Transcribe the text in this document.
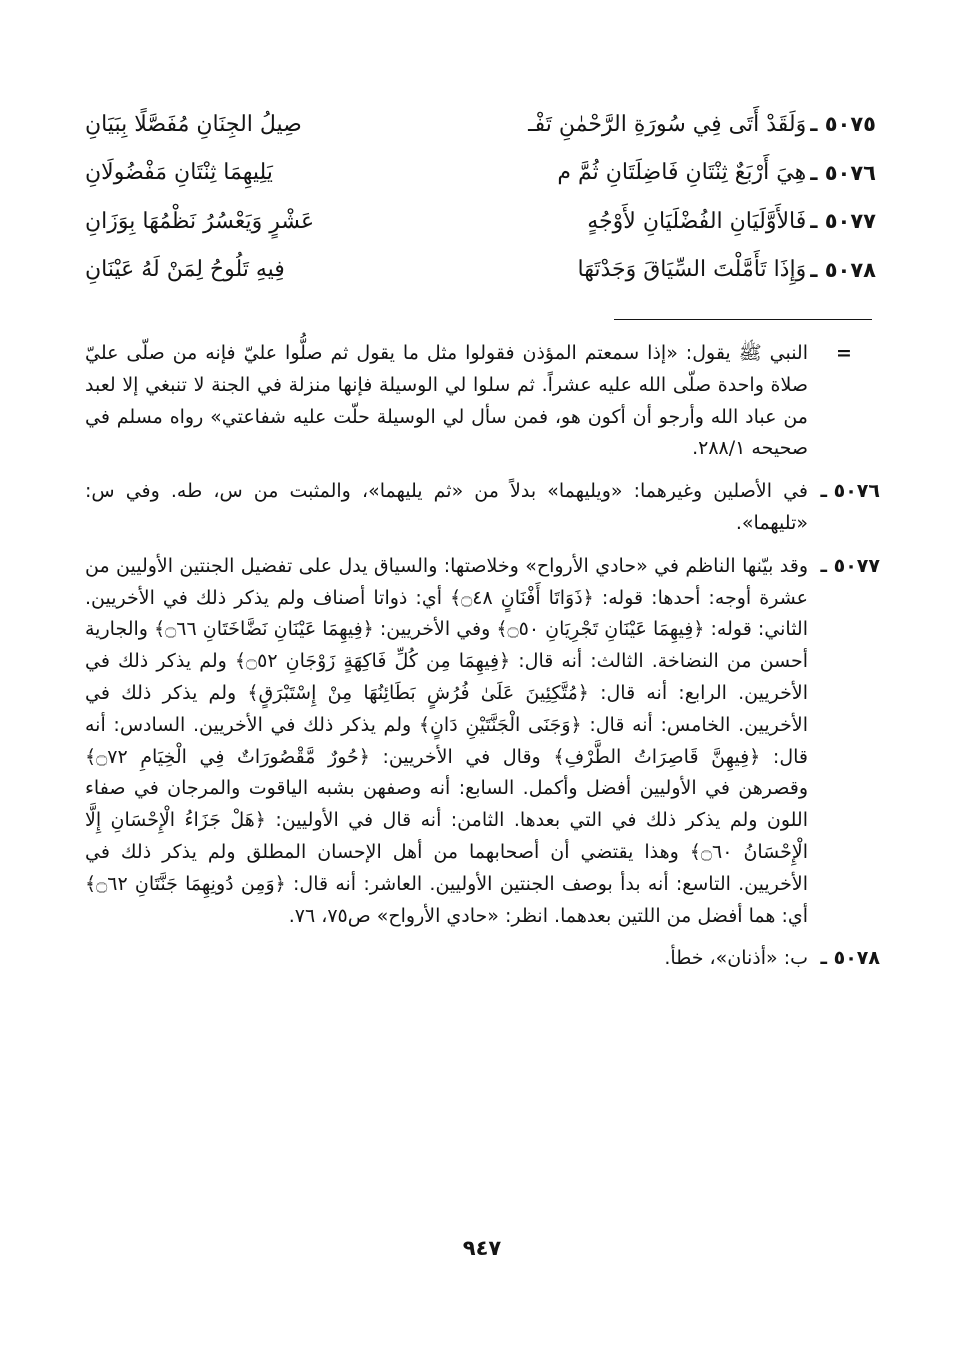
٥٠٧٥ ـ
وَلَقَدْ أَتَى فِي سُورَةِ الرَّحْمٰنِ تَفْـ
صِيلُ الجِنَانِ مُفَصَّلًا بِبَيَانِ
٥٠٧٦ ـ
هِيَ أَرْبَعٌ ثِنْتَانِ فَاضِلَتَانِ ثُمَّ م
يَلِيهِمَا ثِنْتَانِ مَفْضُولَانِ
٥٠٧٧ ـ
فَالأَوَّلَيَانِ الفُضْلَيَانِ لأَوْجُهٍ
عَشْرٍ وَيَعْسُرُ نَظْمُهَا بِوَزَانِ
٥٠٧٨ ـ
وَإِذَا تَأَمَّلْتَ السِّيَاقَ وَجَدْتَهَا
فِيهِ تَلُوحُ لِمَنْ لَهُ عَيْنَانِ
=
النبي ﷺ يقول: «إذا سمعتم المؤذن فقولوا مثل ما يقول ثم صلُّوا عليّ فإنه من صلّى عليّ صلاة واحدة صلّى الله عليه عشراً. ثم سلوا لي الوسيلة فإنها منزلة في الجنة لا تنبغي إلا لعبد من عباد الله وأرجو أن أكون هو، فمن سأل لي الوسيلة حلّت عليه شفاعتي» رواه مسلم في صحيحه ٢٨٨/١.
٥٠٧٦ ـ
في الأصلين وغيرهما: «ويليهما» بدلاً من «ثم يليهما»، والمثبت من س، طه. وفي س: «تليهما».
٥٠٧٧ ـ
وقد بيّنها الناظم في «حادي الأرواح» وخلاصتها: والسياق يدل على تفضيل الجنتين الأوليين من عشرة أوجه: أحدها: قوله: ﴿ذَوَاتَا أَفْنَانٍ ۝٤٨﴾ أي: ذواتا أصناف ولم يذكر ذلك في الأخريين. الثاني: قوله: ﴿فِيهِمَا عَيْنَانِ تَجْرِيَانِ ۝٥٠﴾ وفي الأخريين: ﴿فِيهِمَا عَيْنَانِ نَضَّاخَتَانِ ۝٦٦﴾ والجارية أحسن من النضاخة. الثالث: أنه قال: ﴿فِيهِمَا مِن كُلِّ فَاكِهَةٍ زَوْجَانِ ۝٥٢﴾ ولم يذكر ذلك في الأخريين. الرابع: أنه قال: ﴿مُتَّكِئِينَ عَلَىٰ فُرُشٍ بَطَائِنُهَا مِنْ إِسْتَبْرَقٍ﴾ ولم يذكر ذلك في الأخريين. الخامس: أنه قال: ﴿وَجَنَى الْجَنَّتَيْنِ دَانٍ﴾ ولم يذكر ذلك في الأخريين. السادس: أنه قال: ﴿فِيهِنَّ قَاصِرَاتُ الطَّرْفِ﴾ وقال في الأخريين: ﴿حُورٌ مَّقْصُورَاتٌ فِي الْخِيَامِ ۝٧٢﴾ وقصرهن في الأوليين أفضل وأكمل. السابع: أنه وصفهن بشبه الياقوت والمرجان في صفاء اللون ولم يذكر ذلك في التي بعدها. الثامن: أنه قال في الأوليين: ﴿هَلْ جَزَاءُ الْإِحْسَانِ إِلَّا الْإِحْسَانُ ۝٦٠﴾ وهذا يقتضي أن أصحابهما من أهل الإحسان المطلق ولم يذكر ذلك في الأخريين. التاسع: أنه بدأ بوصف الجنتين الأوليين. العاشر: أنه قال: ﴿وَمِن دُونِهِمَا جَنَّتَانِ ۝٦٢﴾ أي: هما أفضل من اللتين بعدهما. انظر: «حادي الأرواح» ص٧٥، ٧٦.
٥٠٧٨ ـ
ب: «أذنان»، خطأ.
٩٤٧
